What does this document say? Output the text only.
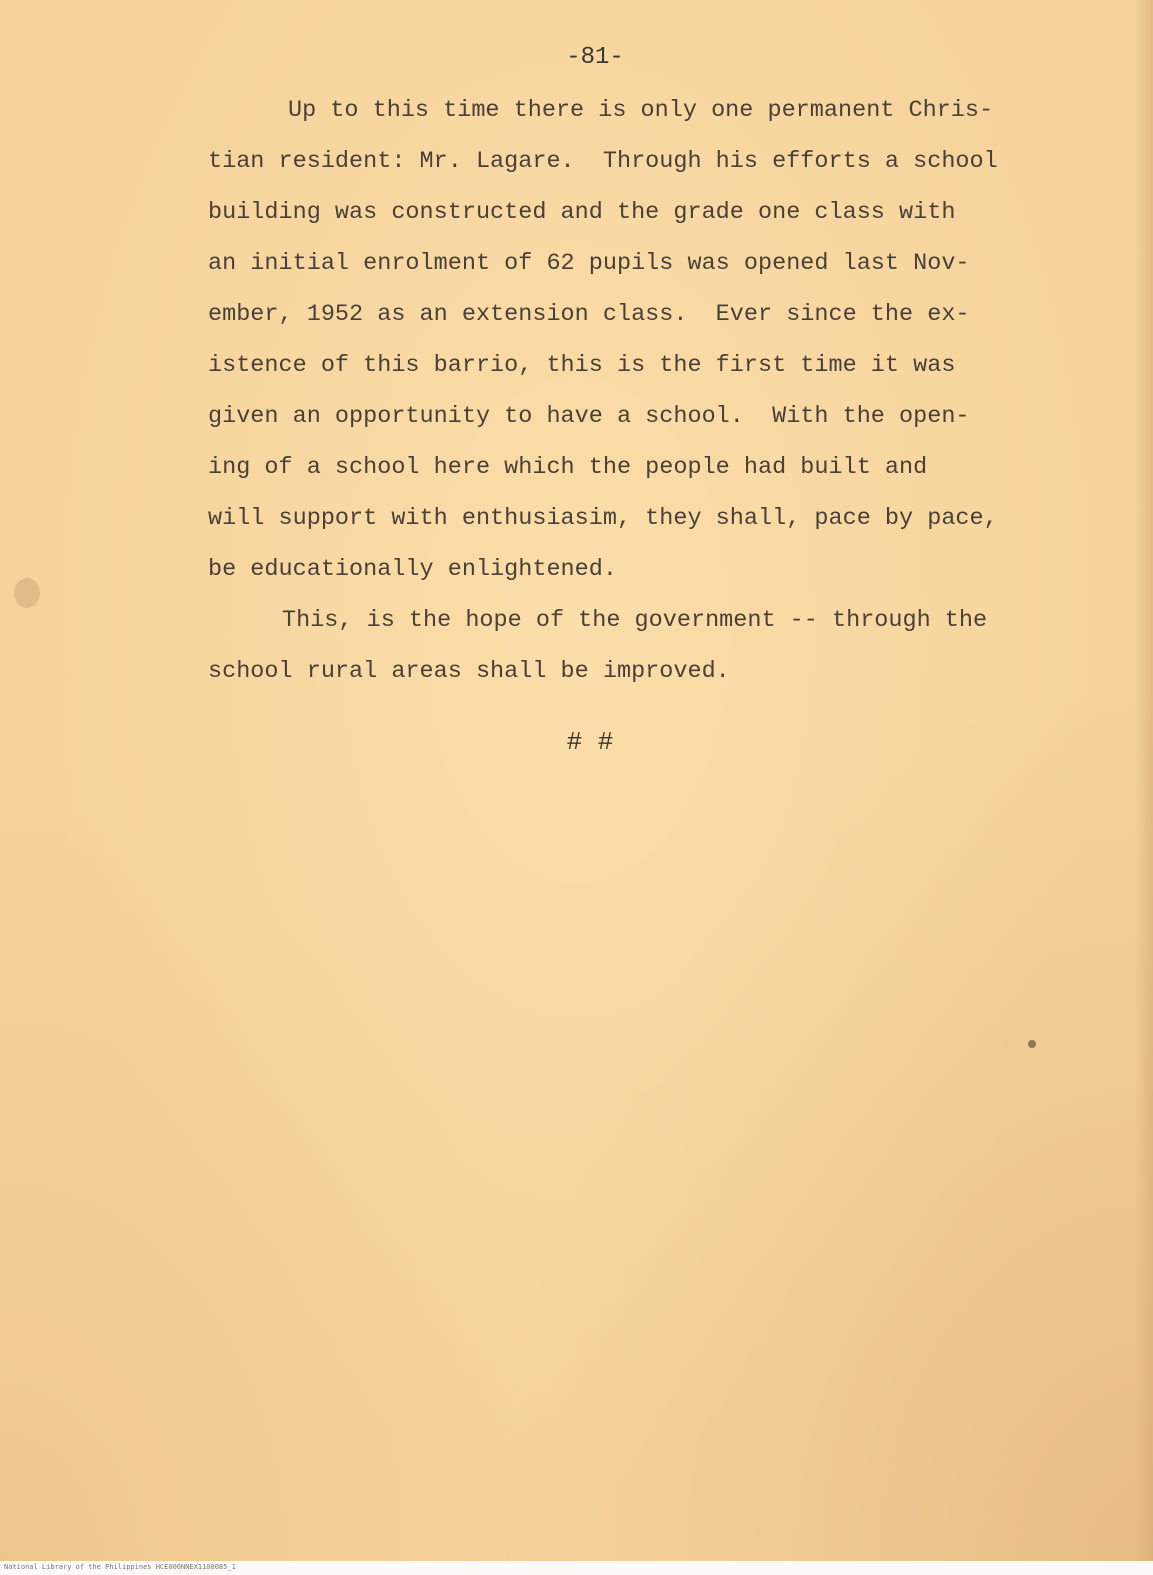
-81-
Up to this time there is only one permanent Chris-
tian resident: Mr. Lagare.  Through his efforts a school
building was constructed and the grade one class with
an initial enrolment of 62 pupils was opened last Nov-
ember, 1952 as an extension class.  Ever since the ex-
istence of this barrio, this is the first time it was
given an opportunity to have a school.  With the open-
ing of a school here which the people had built and
will support with enthusiasim, they shall, pace by pace,
be educationally enlightened.
This, is the hope of the government -- through the
school rural areas shall be improved.
# #
National Library of the Philippines HCE000NNEX1100085_1
